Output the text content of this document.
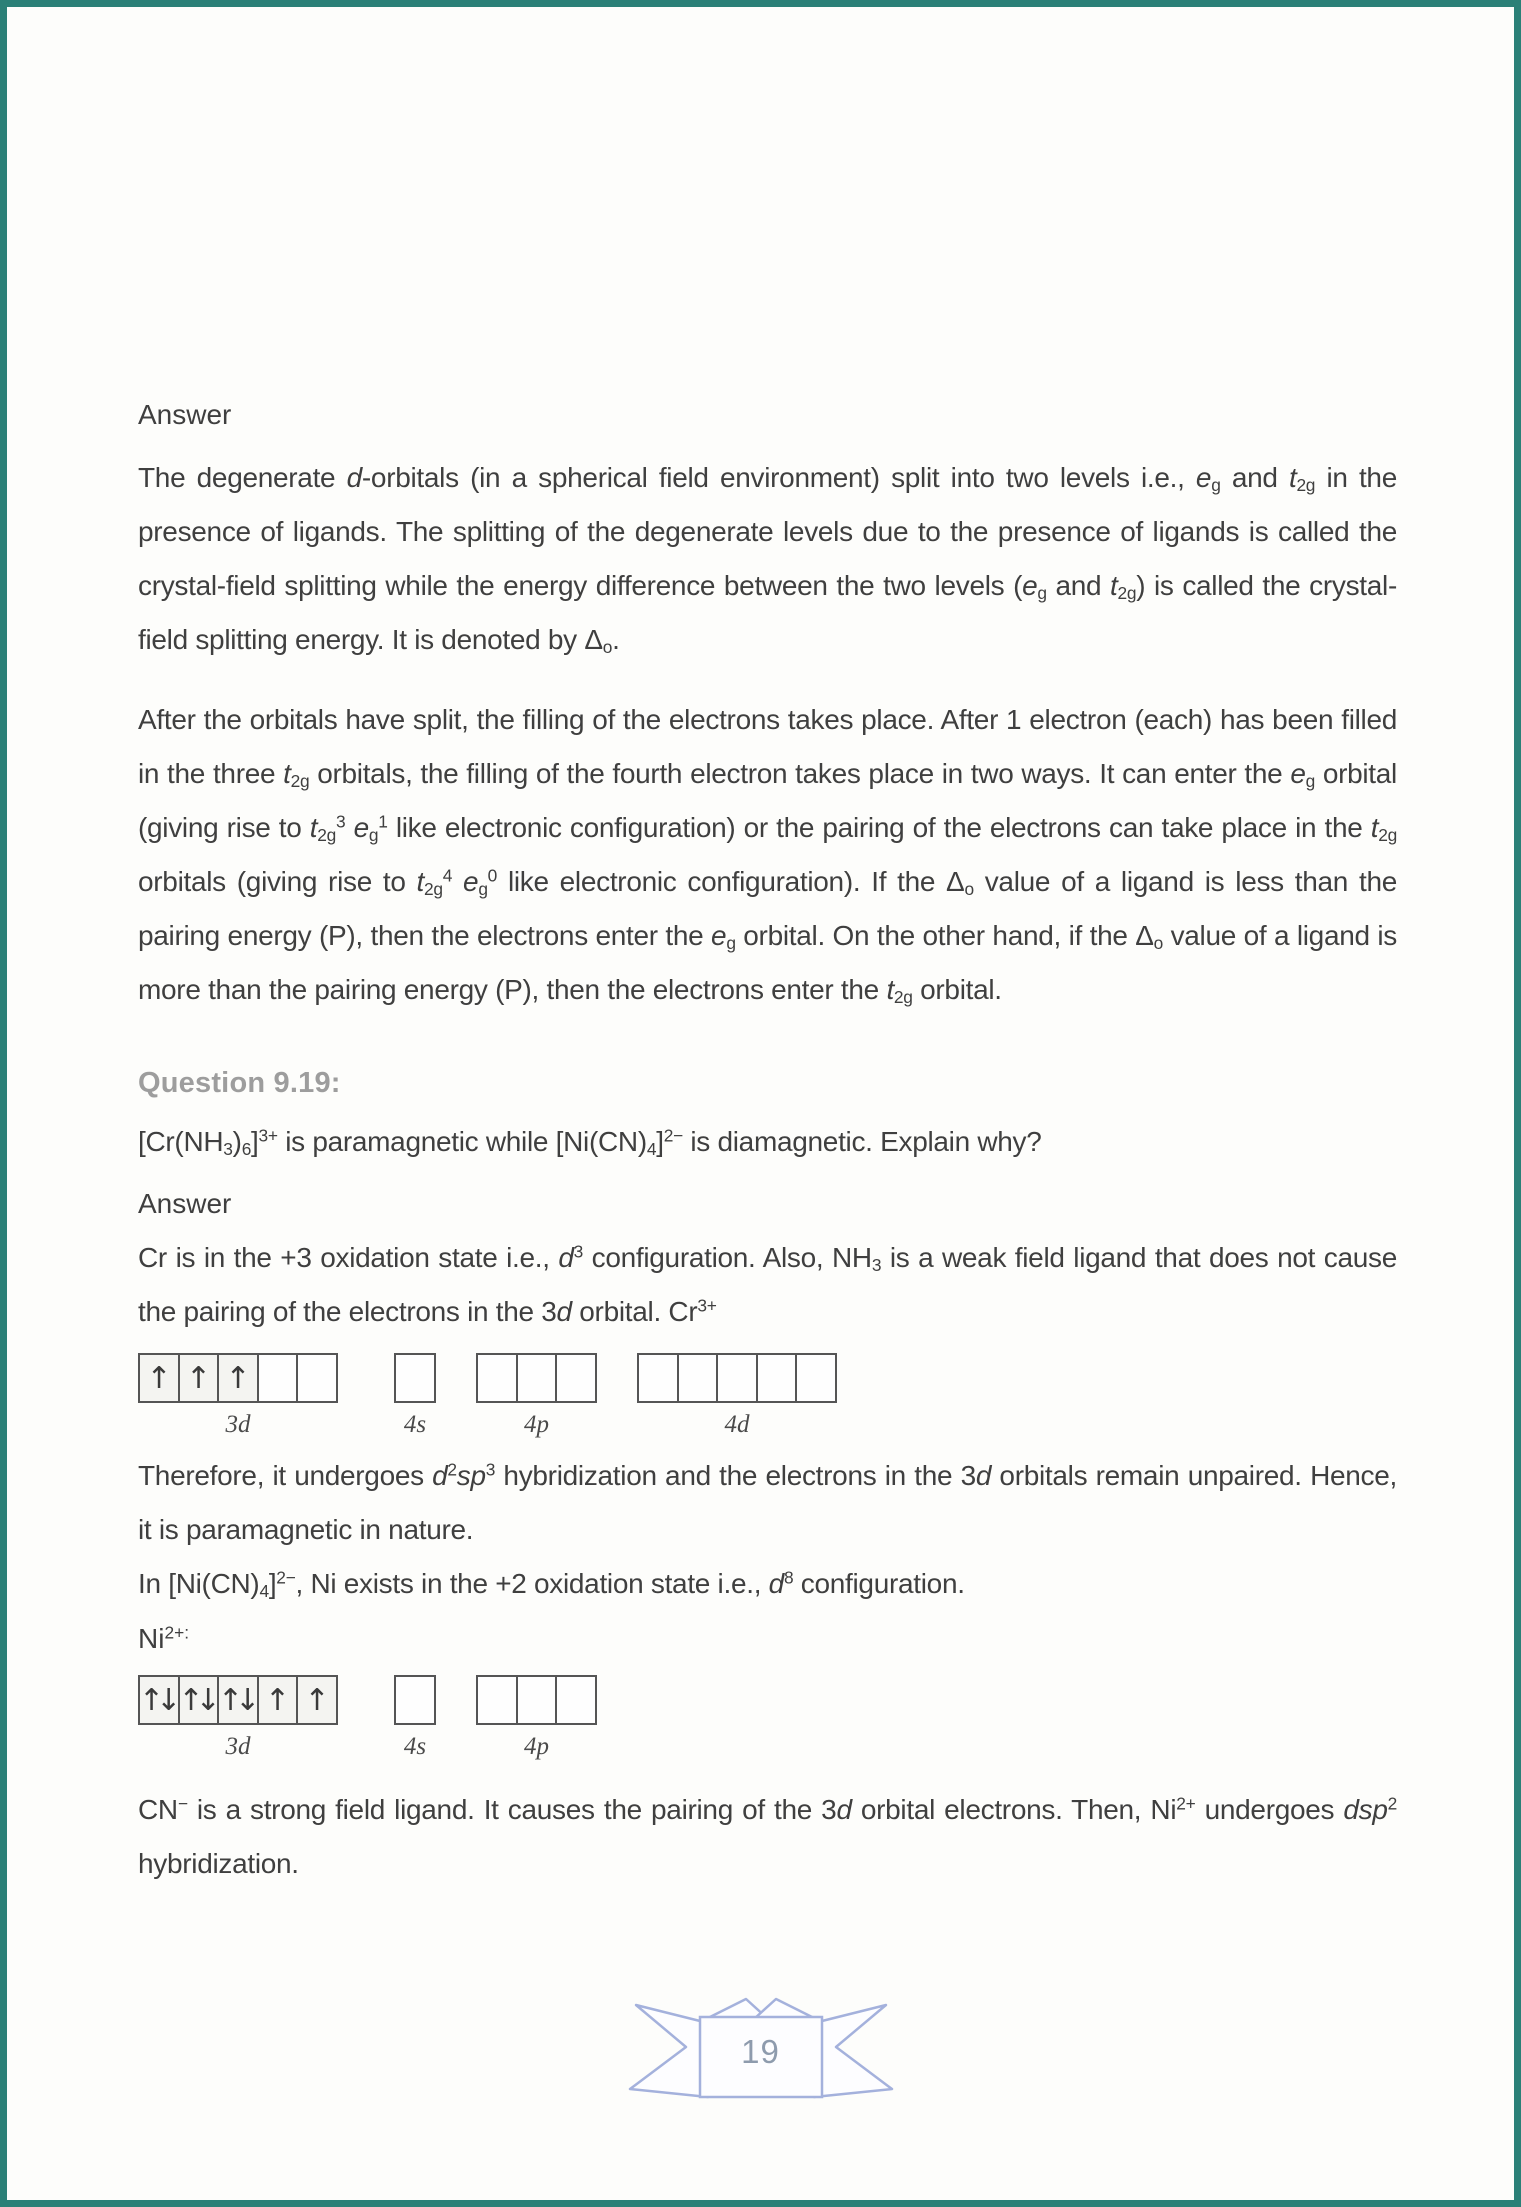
Answer

The degenerate d-orbitals (in a spherical field environment) split into two levels i.e., $e_g$ and $t_{2g}$ in the presence of ligands. The splitting of the degenerate levels due to the presence of ligands is called the crystal-field splitting while the energy difference between the two levels ($e_g$ and $t_{2g}$) is called the crystal-field splitting energy. It is denoted by $\Delta_o$.

After the orbitals have split, the filling of the electrons takes place. After 1 electron (each) has been filled in the three $t_{2g}$ orbitals, the filling of the fourth electron takes place in two ways. It can enter the $e_g$ orbital (giving rise to $t_{2g}^3$ $e_g^1$ like electronic configuration) or the pairing of the electrons can take place in the $t_{2g}$ orbitals (giving rise to $t_{2g}^4$ $e_g^0$ like electronic configuration). If the $\Delta_o$ value of a ligand is less than the pairing energy (P), then the electrons enter the $e_g$ orbital. On the other hand, if the $\Delta_o$ value of a ligand is more than the pairing energy (P), then the electrons enter the $t_{2g}$ orbital.

Question 9.19:

$[Cr(NH_3)_6]^{3+}$ is paramagnetic while $[Ni(CN)_4]^{2-}$ is diamagnetic. Explain why?

Answer

Cr is in the +3 oxidation state i.e., $d^3$ configuration. Also, $NH_3$ is a weak field ligand that does not cause the pairing of the electrons in the 3d orbital. $Cr^{3+}$

↑ ↑ ↑
3d	4s	4p	4d

Therefore, it undergoes $d^2sp^3$ hybridization and the electrons in the 3d orbitals remain unpaired. Hence, it is paramagnetic in nature.

In $[Ni(CN)_4]^{2-}$, Ni exists in the +2 oxidation state i.e., $d^8$ configuration.

$Ni^{2+:}$

↑↓ ↑↓ ↑↓ ↑ ↑
3d	4s	4p

CN− is a strong field ligand. It causes the pairing of the 3d orbital electrons. Then, $Ni^{2+}$ undergoes dsp$^2$ hybridization.

19
